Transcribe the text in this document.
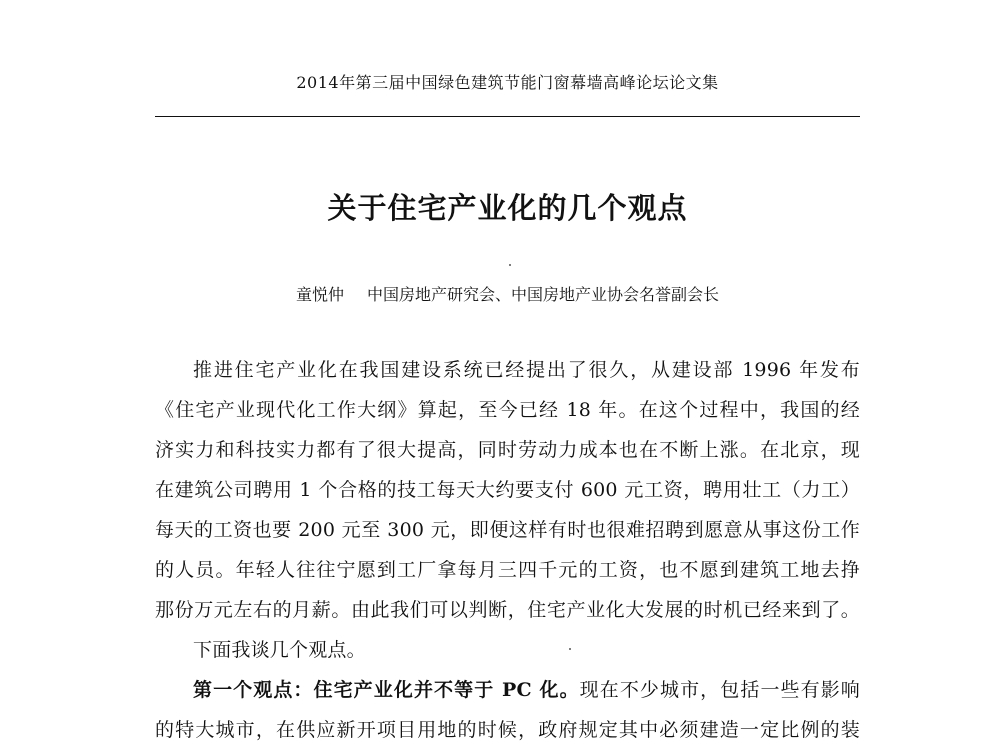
2014年第三届中国绿色建筑节能门窗幕墙高峰论坛论文集
关于住宅产业化的几个观点
童悦仲 中国房地产研究会、中国房地产业协会名誉副会长
推进住宅产业化在我国建设系统已经提出了很久，从建设部 1996 年发布
《住宅产业现代化工作大纲》算起，至今已经 18 年。在这个过程中，我国的经
济实力和科技实力都有了很大提高，同时劳动力成本也在不断上涨。在北京，现
在建筑公司聘用 1 个合格的技工每天大约要支付 600 元工资，聘用壮工（力工）
每天的工资也要 200 元至 300 元，即便这样有时也很难招聘到愿意从事这份工作
的人员。年轻人往往宁愿到工厂拿每月三四千元的工资，也不愿到建筑工地去挣
那份万元左右的月薪。由此我们可以判断，住宅产业化大发展的时机已经来到了。
下面我谈几个观点。
第一个观点：住宅产业化并不等于 PC 化。现在不少城市，包括一些有影响
的特大城市，在供应新开项目用地的时候，政府规定其中必须建造一定比例的装
